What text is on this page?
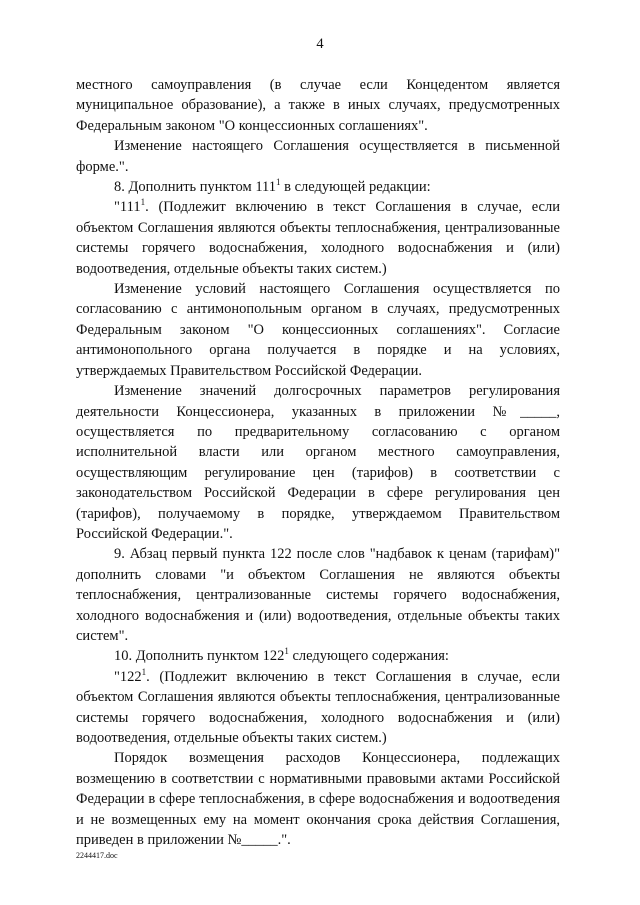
4

местного самоуправления (в случае если Концедентом является муниципальное образование), а также в иных случаях, предусмотренных Федеральным законом "О концессионных соглашениях".

Изменение настоящего Соглашения осуществляется в письменной форме.".

8. Дополнить пунктом $111^1$ в следующей редакции:

"$111^1$. (Подлежит включению в текст Соглашения в случае, если объектом Соглашения являются объекты теплоснабжения, централизованные системы горячего водоснабжения, холодного водоснабжения и (или) водоотведения, отдельные объекты таких систем.)

Изменение условий настоящего Соглашения осуществляется по согласованию с антимонопольным органом в случаях, предусмотренных Федеральным законом "О концессионных соглашениях". Согласие антимонопольного органа получается в порядке и на условиях, утверждаемых Правительством Российской Федерации.

Изменение значений долгосрочных параметров регулирования деятельности Концессионера, указанных в приложении №_____, осуществляется по предварительному согласованию с органом исполнительной власти или органом местного самоуправления, осуществляющим регулирование цен (тарифов) в соответствии с законодательством Российской Федерации в сфере регулирования цен (тарифов), получаемому в порядке, утверждаемом Правительством Российской Федерации.".

9. Абзац первый пункта 122 после слов "надбавок к ценам (тарифам)" дополнить словами "и объектом Соглашения не являются объекты теплоснабжения, централизованные системы горячего водоснабжения, холодного водоснабжения и (или) водоотведения, отдельные объекты таких систем".

10. Дополнить пунктом $122^1$ следующего содержания:

"$122^1$. (Подлежит включению в текст Соглашения в случае, если объектом Соглашения являются объекты теплоснабжения, централизованные системы горячего водоснабжения, холодного водоснабжения и (или) водоотведения, отдельные объекты таких систем.)

Порядок возмещения расходов Концессионера, подлежащих возмещению в соответствии с нормативными правовыми актами Российской Федерации в сфере теплоснабжения, в сфере водоснабжения и водоотведения и не возмещенных ему на момент окончания срока действия Соглашения, приведен в приложении №_____.".

2244417.doc
